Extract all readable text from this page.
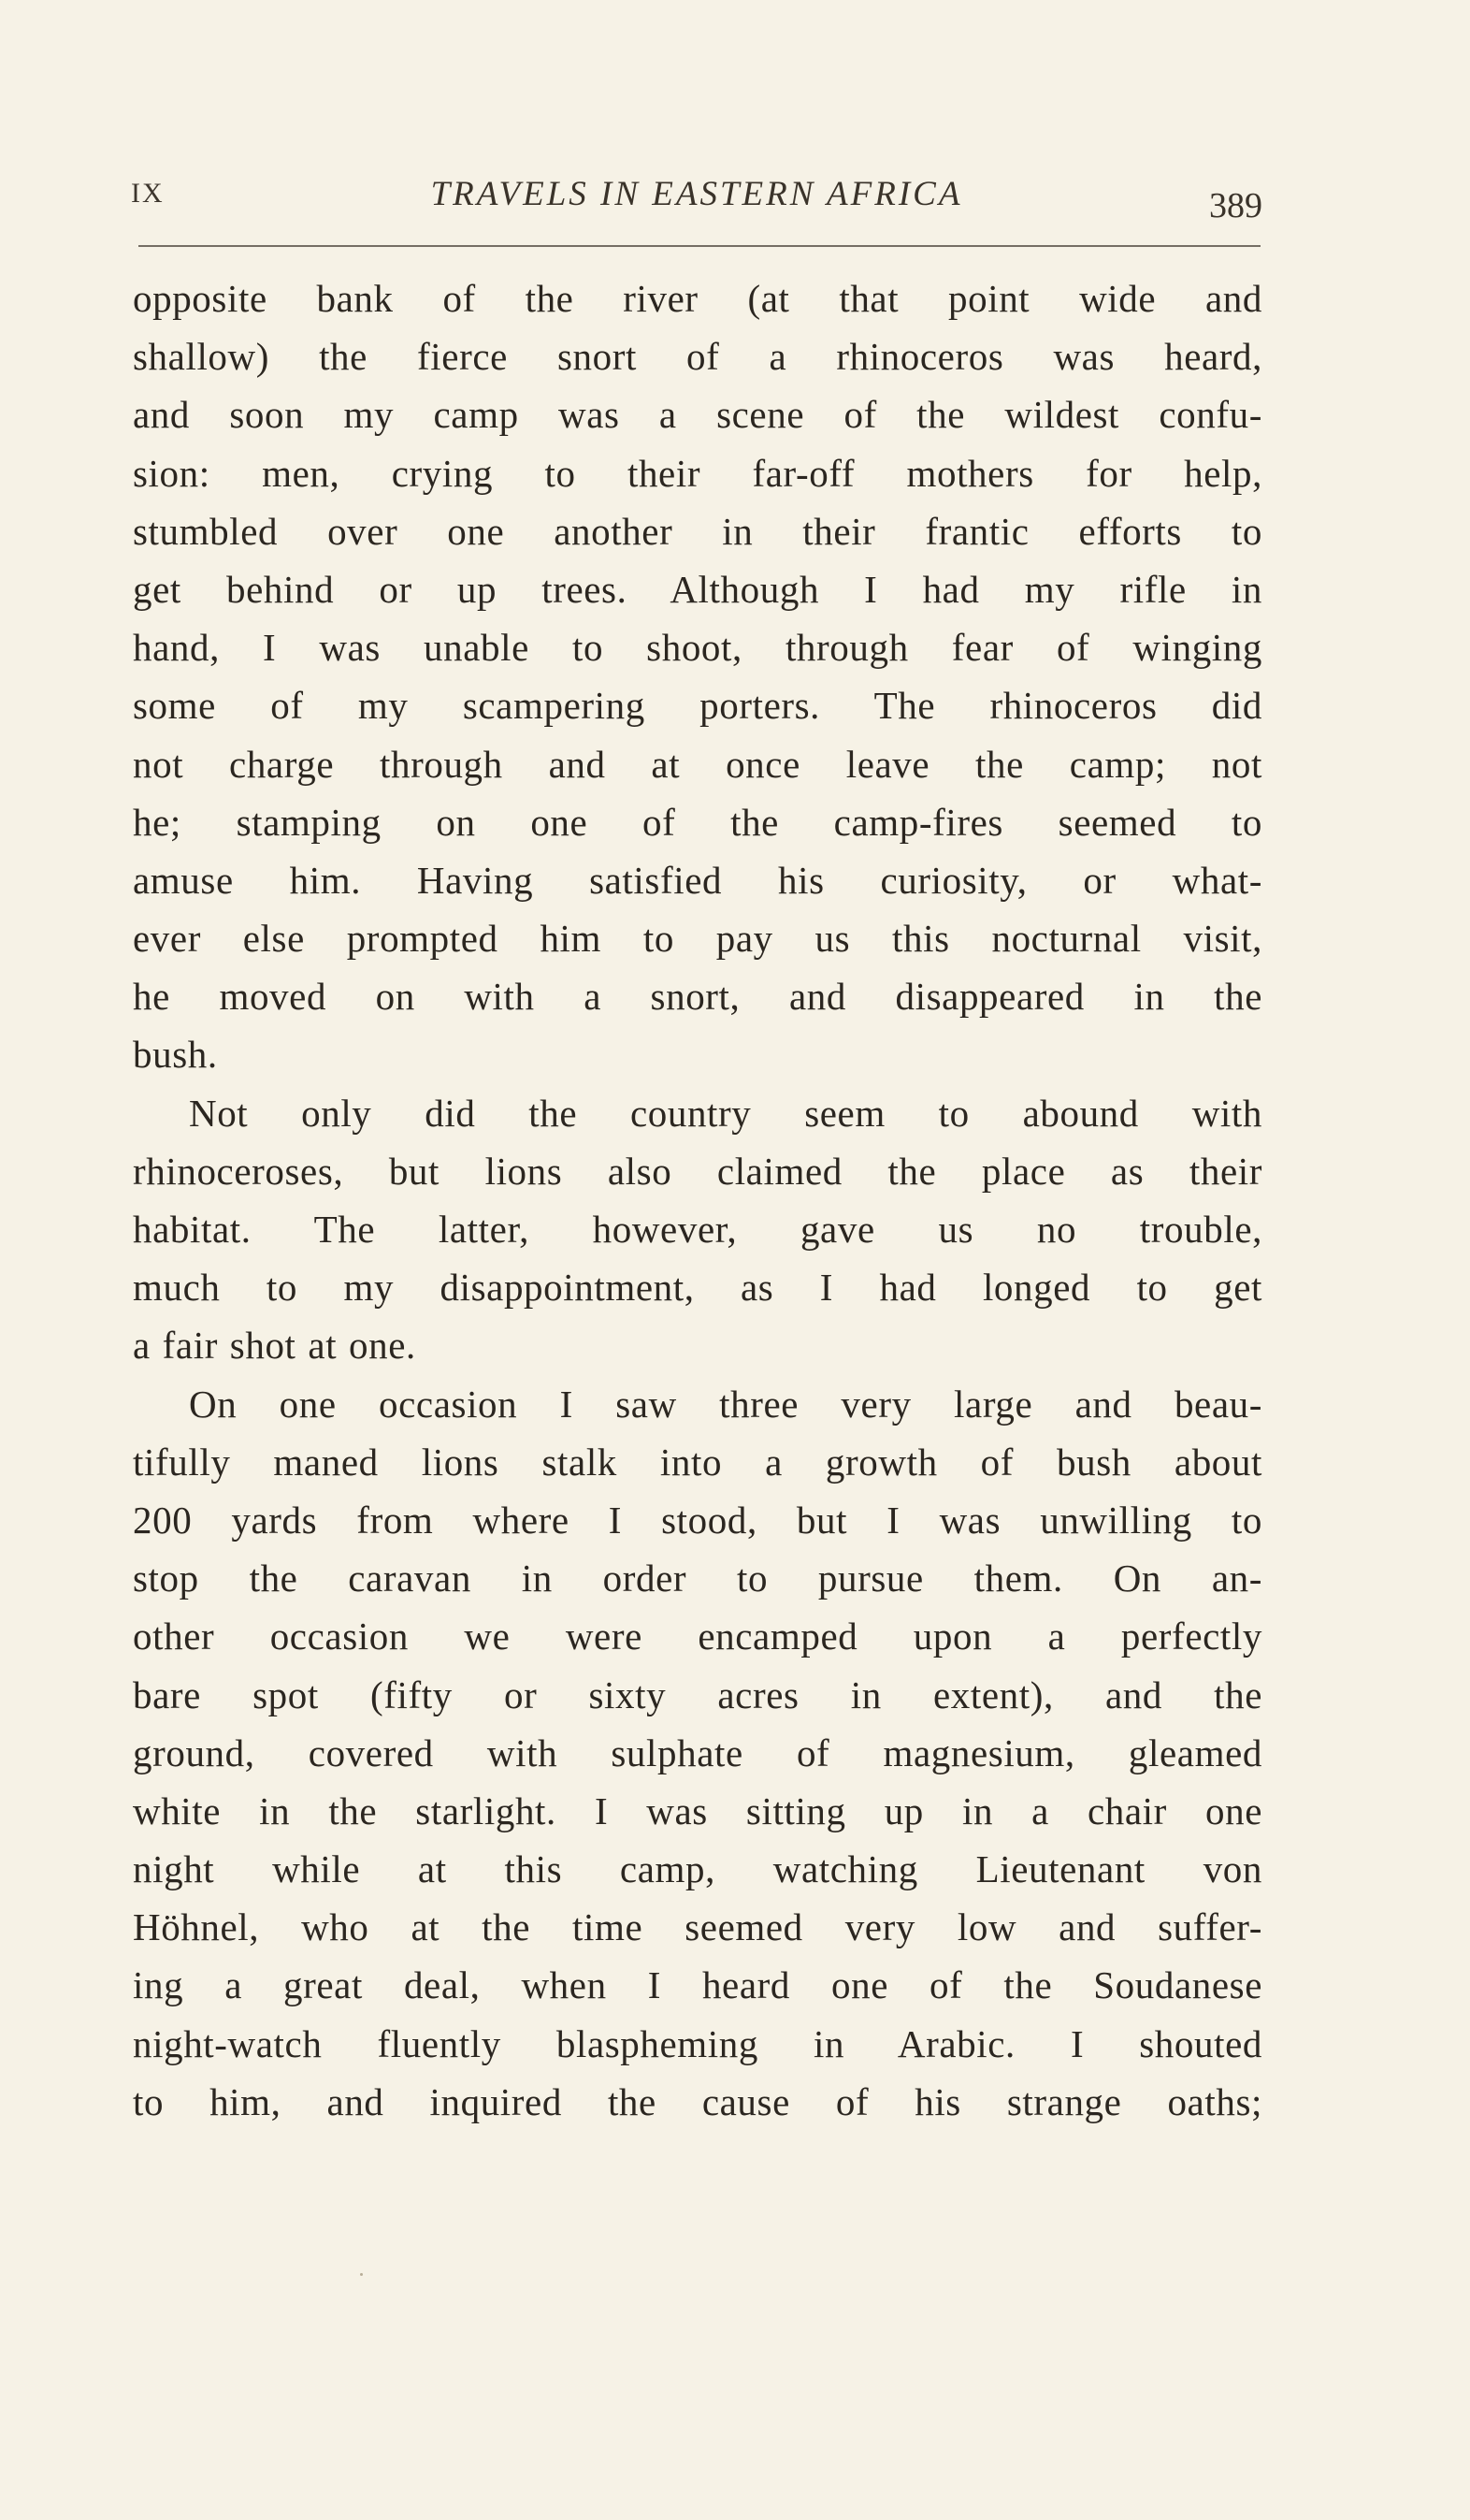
IX	TRAVELS IN EASTERN AFRICA	389
opposite bank of the river (at that point wide and
shallow) the fierce snort of a rhinoceros was heard,
and soon my camp was a scene of the wildest confu-
sion: men, crying to their far-off mothers for help,
stumbled over one another in their frantic efforts to
get behind or up trees. Although I had my rifle in
hand, I was unable to shoot, through fear of winging
some of my scampering porters. The rhinoceros did
not charge through and at once leave the camp; not
he; stamping on one of the camp-fires seemed to
amuse him. Having satisfied his curiosity, or what-
ever else prompted him to pay us this nocturnal visit,
he moved on with a snort, and disappeared in the
bush.
Not only did the country seem to abound with
rhinoceroses, but lions also claimed the place as their
habitat. The latter, however, gave us no trouble,
much to my disappointment, as I had longed to get
a fair shot at one.
On one occasion I saw three very large and beau-
tifully maned lions stalk into a growth of bush about
200 yards from where I stood, but I was unwilling to
stop the caravan in order to pursue them. On an-
other occasion we were encamped upon a perfectly
bare spot (fifty or sixty acres in extent), and the
ground, covered with sulphate of magnesium, gleamed
white in the starlight. I was sitting up in a chair one
night while at this camp, watching Lieutenant von
Höhnel, who at the time seemed very low and suffer-
ing a great deal, when I heard one of the Soudanese
night-watch fluently blaspheming in Arabic. I shouted
to him, and inquired the cause of his strange oaths;
